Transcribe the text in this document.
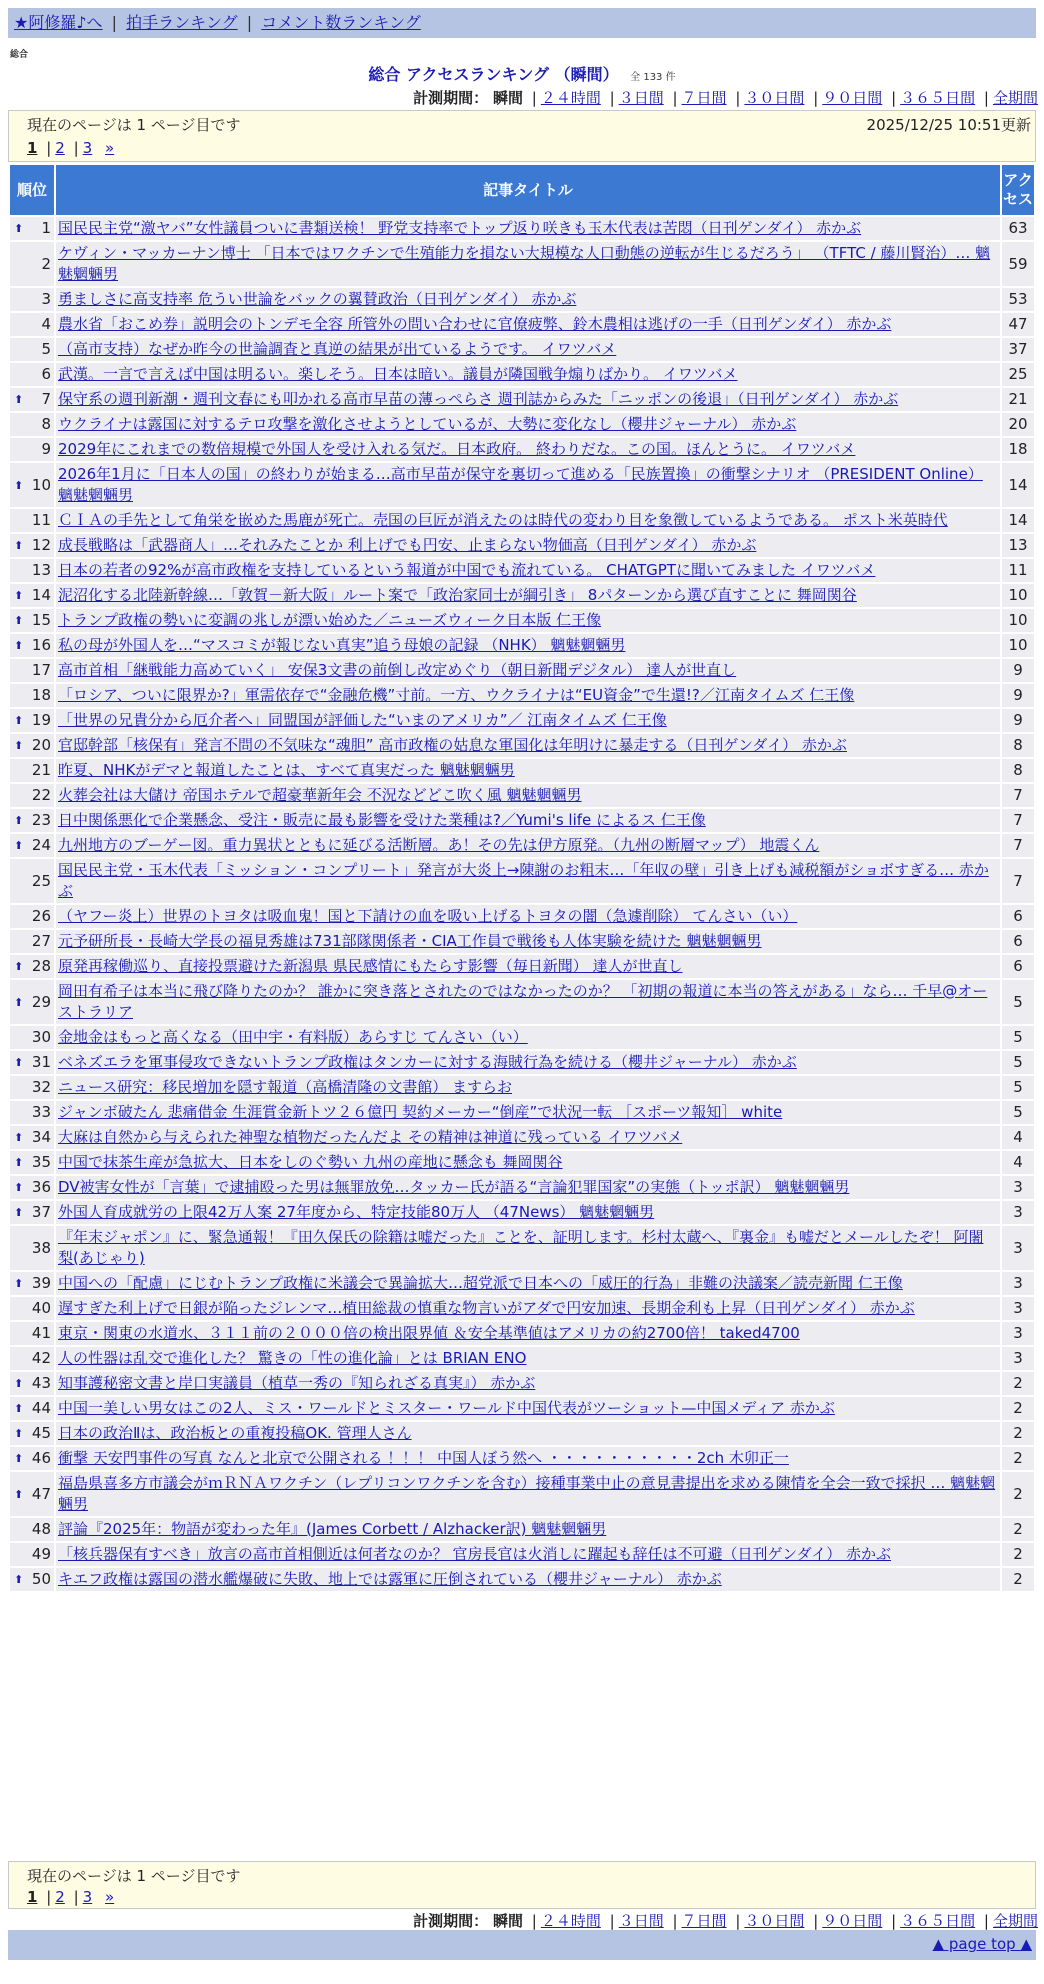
★阿修羅♪へ | 拍手ランキング | コメント数ランキング
総合
総合 アクセスランキング （瞬間） 全 133 件
計測期間： 瞬間 | ２４時間 | ３日間 | ７日間 | ３０日間 | ９０日間 | ３６５日間 | 全期間
現在のページは 1 ページ目です	2025/12/25 10:51更新
1 | 2 | 3 »
順位	記事タイトル	アクセス

⬆ 1	国民民主党“激ヤバ”女性議員ついに書類送検！ 野党支持率でトップ返り咲きも玉木代表は苦悶（日刊ゲンダイ） 赤かぶ	63
2	ケヴィン・マッカーナン博士 「日本ではワクチンで生殖能力を損ない大規模な人口動態の逆転が生じるだろう」 （TFTC / 藤川賢治）… 魑魅魍魎男	59
3	勇ましさに高支持率 危うい世論をバックの翼賛政治（日刊ゲンダイ） 赤かぶ	53
4	農水省「おこめ券」説明会のトンデモ全容 所管外の問い合わせに官僚疲弊、鈴木農相は逃げの一手（日刊ゲンダイ） 赤かぶ	47
5	（高市支持）なぜか昨今の世論調査と真逆の結果が出ているようです。 イワツバメ	37
6	武漢。一言で言えば中国は明るい。楽しそう。日本は暗い。議員が隣国戦争煽りばかり。 イワツバメ	25

⬆ 7	保守系の週刊新潮・週刊文春にも叩かれる高市早苗の薄っぺらさ 週刊誌からみた「ニッポンの後退」（日刊ゲンダイ） 赤かぶ	21
8	ウクライナは露国に対するテロ攻撃を激化させようとしているが、大勢に変化なし（櫻井ジャーナル） 赤かぶ	20
9	2029年にこれまでの数倍規模で外国人を受け入れる気だ。日本政府。 終わりだな。この国。ほんとうに。 イワツバメ	18

⬆ 10	2026年1月に「日本人の国」の終わりが始まる…高市早苗が保守を裏切って進める「民族置換」の衝撃シナリオ （PRESIDENT Online） 魑魅魍魎男	14
11	ＣＩＡの手先として角栄を嵌めた馬鹿が死亡。売国の巨匠が消えたのは時代の変わり目を象徴しているようである。 ポスト米英時代	14

⬆ 12	成長戦略は「武器商人」…それみたことか 利上げでも円安、止まらない物価高（日刊ゲンダイ） 赤かぶ	13
13	日本の若者の92%が高市政権を支持しているという報道が中国でも流れている。 CHATGPTに聞いてみました イワツバメ	11

⬆ 14	泥沼化する北陸新幹線…「敦賀－新大阪」ルート案で「政治家同士が綱引き」 8パターンから選び直すことに 舞岡関谷	10

⬆ 15	トランプ政権の勢いに変調の兆しが漂い始めた／ニューズウィーク日本版 仁王像	10

⬆ 16	私の母が外国人を…“マスコミが報じない真実”追う母娘の記録 （NHK） 魑魅魍魎男	10
17	高市首相「継戦能力高めていく」 安保3文書の前倒し改定めぐり（朝日新聞デジタル） 達人が世直し	9
18	「ロシア、ついに限界か?」軍需依存で“金融危機”寸前。一方、ウクライナは“EU資金”で生還!?／江南タイムズ 仁王像	9

⬆ 19	「世界の兄貴分から厄介者へ」同盟国が評価した“いまのアメリカ”／ 江南タイムズ 仁王像	9

⬆ 20	官邸幹部「核保有」発言不問の不気味な“魂胆” 高市政権の姑息な軍国化は年明けに暴走する（日刊ゲンダイ） 赤かぶ	8
21	昨夏、NHKがデマと報道したことは、すべて真実だった 魑魅魍魎男	8
22	火葬会社は大儲け 帝国ホテルで超豪華新年会 不況などどこ吹く風 魑魅魍魎男	7

⬆ 23	日中関係悪化で企業懸念、受注・販売に最も影響を受けた業種は?／Yumi's life によるス 仁王像	7

⬆ 24	九州地方のブーゲー図。重力異状とともに延びる活断層。あ！その先は伊方原発。（九州の断層マップ） 地震くん	7
25	国民民主党・玉木代表「ミッション・コンプリート」発言が大炎上→陳謝のお粗末…「年収の壁」引き上げも減税額がショボすぎる… 赤かぶ	7
26	（ヤフー炎上）世界のトヨタは吸血鬼！国と下請けの血を吸い上げるトヨタの闇（急遽削除） てんさい（い）	6
27	元予研所長・長崎大学長の福見秀雄は731部隊関係者・CIA工作員で戦後も人体実験を続けた 魑魅魍魎男	6

⬆ 28	原発再稼働巡り、直接投票避けた新潟県 県民感情にもたらす影響（毎日新聞） 達人が世直し	6

⬆ 29	岡田有希子は本当に飛び降りたのか？ 誰かに突き落とされたのではなかったのか？ 「初期の報道に本当の答えがある」なら… 千早@オーストラリア	5
30	金地金はもっと高くなる（田中宇・有料版）あらすじ てんさい（い）	5

⬆ 31	ベネズエラを軍事侵攻できないトランプ政権はタンカーに対する海賊行為を続ける（櫻井ジャーナル） 赤かぶ	5
32	ニュース研究：移民増加を隠す報道（高橋清隆の文書館） ますらお	5
33	ジャンボ破たん 悲痛借金 生涯賞金新トツ２６億円 契約メーカー“倒産”で状況一転 ［スポーツ報知］ white	5

⬆ 34	大麻は自然から与えられた神聖な植物だったんだよ その精神は神道に残っている イワツバメ	4

⬆ 35	中国で抹茶生産が急拡大、日本をしのぐ勢い 九州の産地に懸念も 舞岡関谷	4

⬆ 36	DV被害女性が「言葉」で逮捕殴った男は無罪放免…タッカー氏が語る“言論犯罪国家”の実態（トッポ訳） 魑魅魍魎男	3

⬆ 37	外国人育成就労の上限42万人案 27年度から、特定技能80万人 （47News） 魑魅魍魎男	3
38	『年末ジャポン』に、緊急通報！『田久保氏の除籍は嘘だった』ことを、証明します。杉村太蔵へ、『裏金』も嘘だとメールしたぞ！ 阿闍梨(あじゃり)	3

⬆ 39	中国への「配慮」にじむトランプ政権に米議会で異論拡大…超党派で日本への「威圧的行為」非難の決議案／読売新聞 仁王像	3
40	遅すぎた利上げで日銀が陥ったジレンマ…植田総裁の慎重な物言いがアダで円安加速、長期金利も上昇（日刊ゲンダイ） 赤かぶ	3
41	東京・関東の水道水、３１１前の２０００倍の検出限界値 ＆安全基準値はアメリカの約2700倍！ taked4700	3
42	人の性器は乱交で進化した？ 驚きの「性の進化論」とは BRIAN ENO	3

⬆ 43	知事護秘密文書と岸口実議員（植草一秀の『知られざる真実』） 赤かぶ	2

⬆ 44	中国一美しい男女はこの2人、ミス・ワールドとミスター・ワールド中国代表がツーショット—中国メディア 赤かぶ	2

⬆ 45	日本の政治Ⅱは、政治板との重複投稿OK. 管理人さん	2

⬆ 46	衝撃 天安門事件の写真 なんと北京で公開される ！！！ 中国人ぼう然へ ・・・・・・・・・・2ch 木卯正一	2

⬆ 47	福島県喜多方市議会がｍＲＮＡワクチン（レプリコンワクチンを含む）接種事業中止の意見書提出を求める陳情を全会一致で採択 … 魑魅魍魎男	2
48	評論『2025年：物語が変わった年』(James Corbett / Alzhacker訳) 魑魅魍魎男	2
49	「核兵器保有すべき」放言の高市首相側近は何者なのか？ 官房長官は火消しに躍起も辞任は不可避（日刊ゲンダイ） 赤かぶ	2

⬆ 50	キエフ政権は露国の潜水艦爆破に失敗、地上では露軍に圧倒されている（櫻井ジャーナル） 赤かぶ	2
現在のページは 1 ページ目です
1 | 2 | 3 »
計測期間： 瞬間 | ２４時間 | ３日間 | ７日間 | ３０日間 | ９０日間 | ３６５日間 | 全期間
▲ page top ▲
